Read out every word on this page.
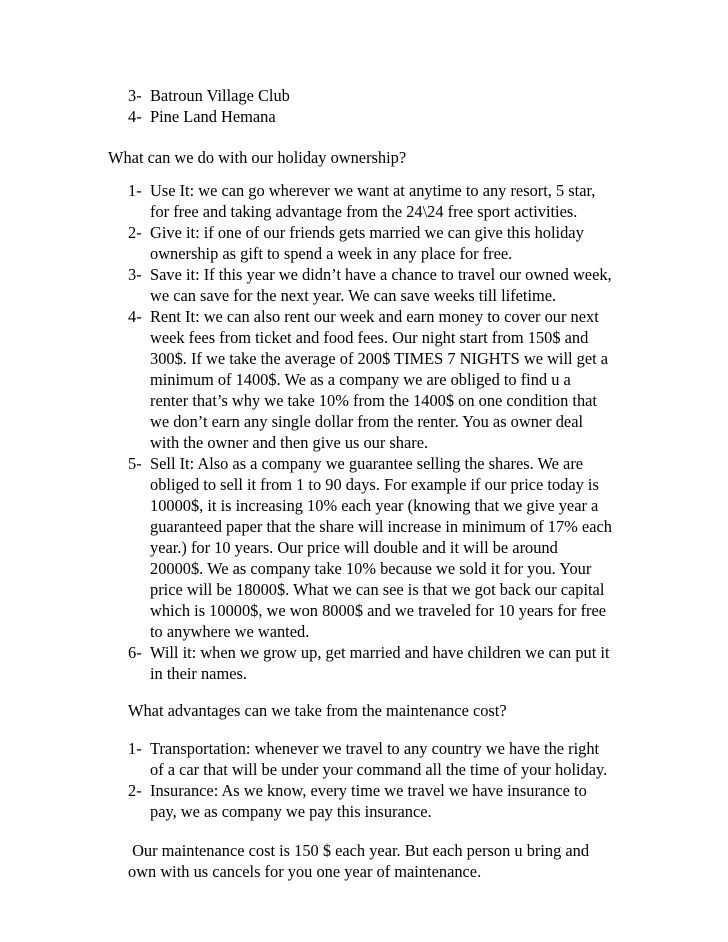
3- Batroun Village Club
4- Pine Land Hemana
What can we do with our holiday ownership?
1- Use It: we can go wherever we want at anytime to any resort, 5 star,
for free and taking advantage from the 24\24 free sport activities.
2- Give it: if one of our friends gets married we can give this holiday
ownership as gift to spend a week in any place for free.
3- Save it: If this year we didn’t have a chance to travel our owned week,
we can save for the next year. We can save weeks till lifetime.
4- Rent It: we can also rent our week and earn money to cover our next
week fees from ticket and food fees. Our night start from 150$ and
300$. If we take the average of 200$ TIMES 7 NIGHTS we will get a
minimum of 1400$. We as a company we are obliged to find u a
renter that’s why we take 10% from the 1400$ on one condition that
we don’t earn any single dollar from the renter. You as owner deal
with the owner and then give us our share.
5- Sell It: Also as a company we guarantee selling the shares. We are
obliged to sell it from 1 to 90 days. For example if our price today is
10000$, it is increasing 10% each year (knowing that we give year a
guaranteed paper that the share will increase in minimum of 17% each
year.) for 10 years. Our price will double and it will be around
20000$. We as company take 10% because we sold it for you. Your
price will be 18000$. What we can see is that we got back our capital
which is 10000$, we won 8000$ and we traveled for 10 years for free
to anywhere we wanted.
6- Will it: when we grow up, get married and have children we can put it
in their names.
What advantages can we take from the maintenance cost?
1- Transportation: whenever we travel to any country we have the right
of a car that will be under your command all the time of your holiday.
2- Insurance: As we know, every time we travel we have insurance to
pay, we as company we pay this insurance.
Our maintenance cost is 150 $ each year. But each person u bring and
own with us cancels for you one year of maintenance.
